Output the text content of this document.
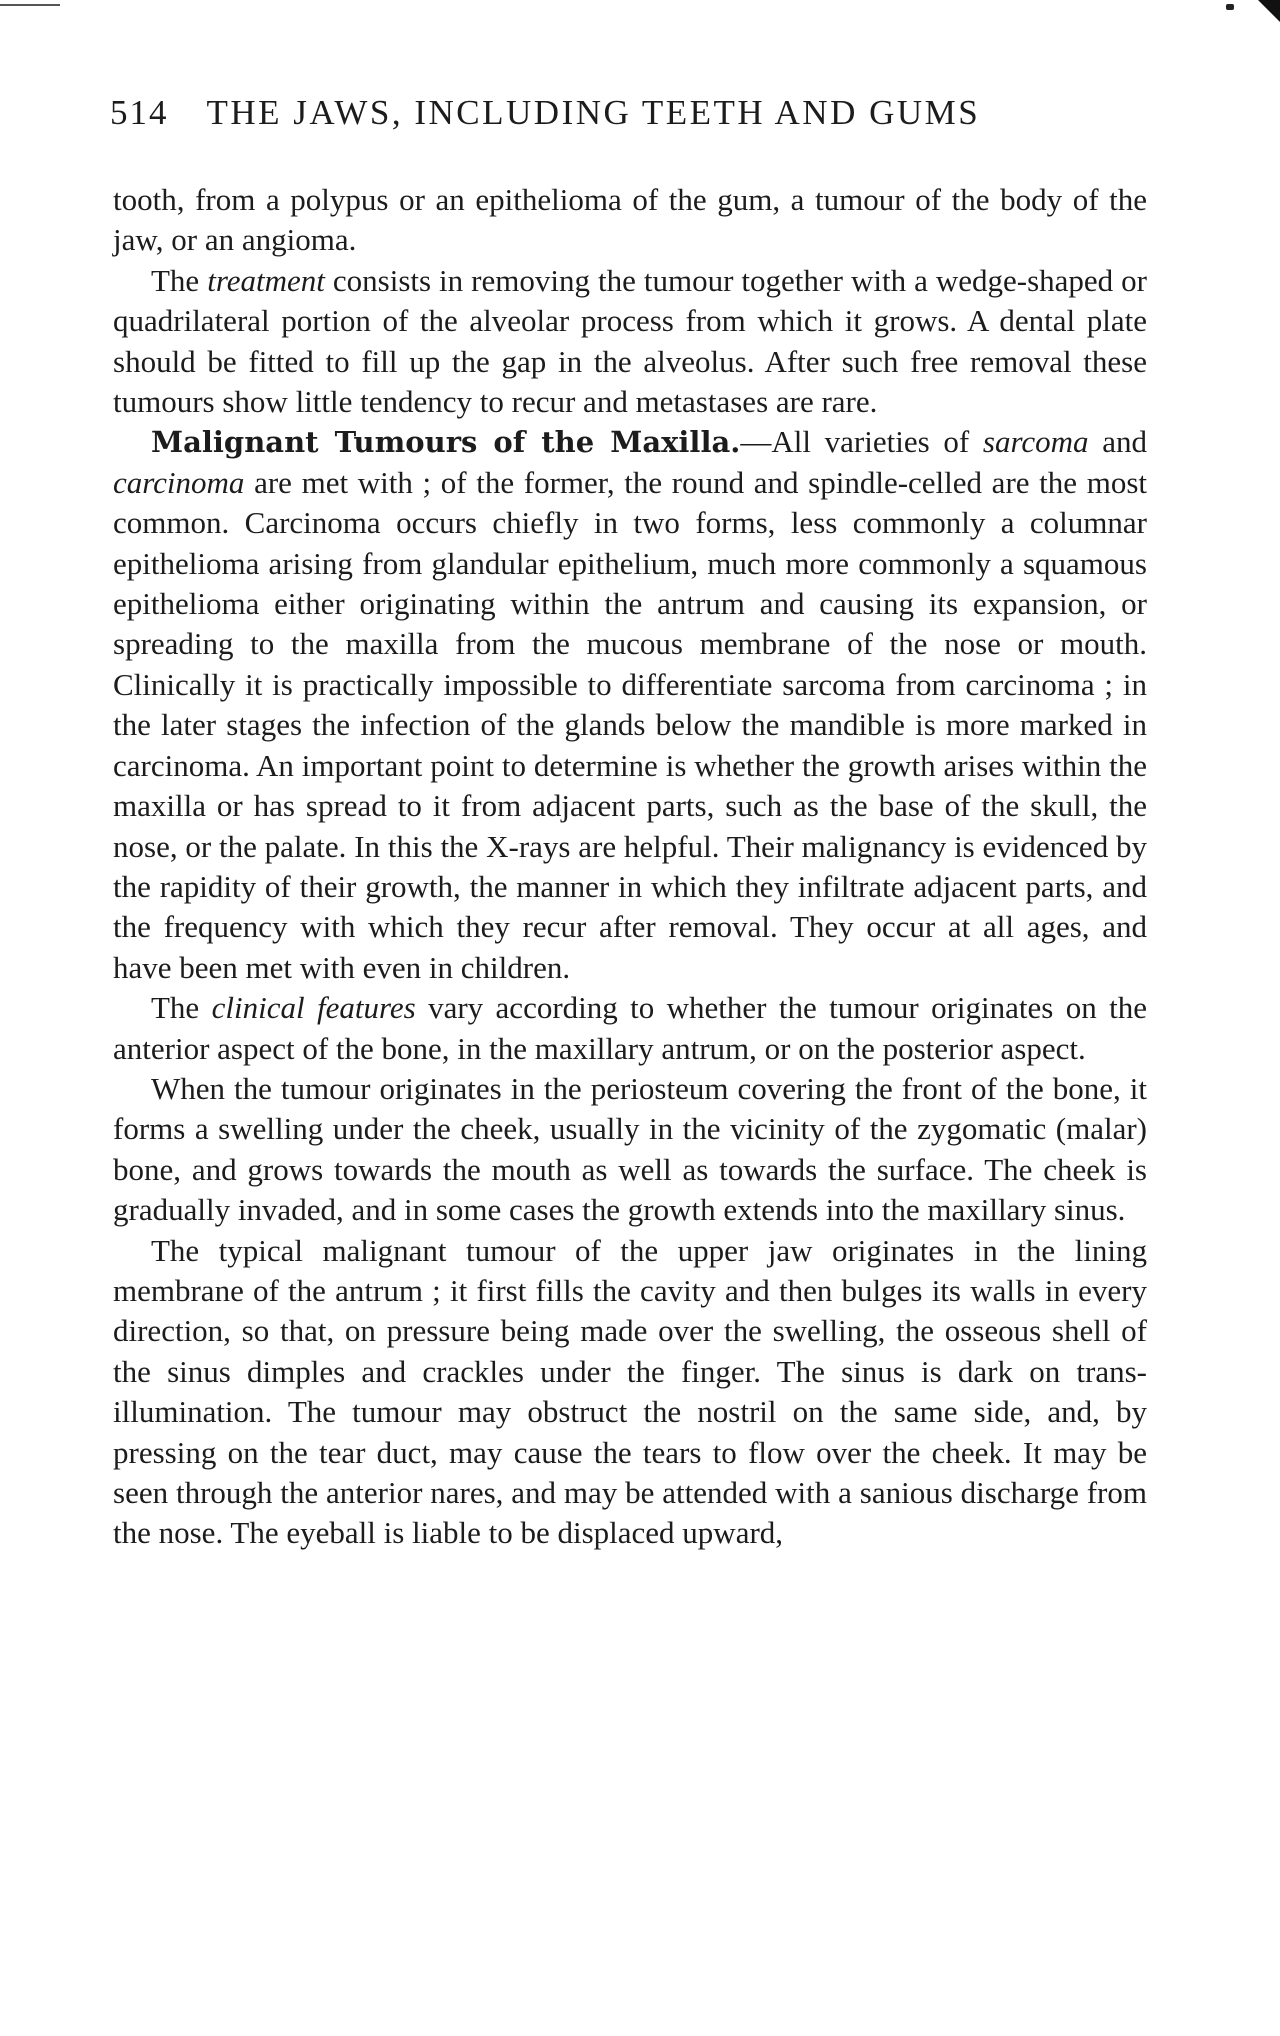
514 THE JAWS, INCLUDING TEETH AND GUMS

tooth, from a polypus or an epithelioma of the gum, a tumour of the body of the jaw, or an angioma.

The treatment consists in removing the tumour together with a wedge-shaped or quadrilateral portion of the alveolar process from which it grows. A dental plate should be fitted to fill up the gap in the alveolus. After such free removal these tumours show little tendency to recur and metastases are rare.

Malignant Tumours of the Maxilla.—All varieties of sarcoma and carcinoma are met with ; of the former, the round and spindle-celled are the most common. Carcinoma occurs chiefly in two forms, less commonly a columnar epithelioma arising from glandular epithelium, much more commonly a squamous epithelioma either originating within the antrum and causing its expansion, or spreading to the maxilla from the mucous membrane of the nose or mouth. Clinically it is practically impossible to differentiate sarcoma from carcinoma ; in the later stages the infection of the glands below the mandible is more marked in carcinoma. An important point to determine is whether the growth arises within the maxilla or has spread to it from adjacent parts, such as the base of the skull, the nose, or the palate. In this the X-rays are helpful. Their malignancy is evidenced by the rapidity of their growth, the manner in which they infiltrate adjacent parts, and the frequency with which they recur after removal. They occur at all ages, and have been met with even in children.

The clinical features vary according to whether the tumour originates on the anterior aspect of the bone, in the maxillary antrum, or on the posterior aspect.

When the tumour originates in the periosteum covering the front of the bone, it forms a swelling under the cheek, usually in the vicinity of the zygomatic (malar) bone, and grows towards the mouth as well as towards the surface. The cheek is gradually invaded, and in some cases the growth extends into the maxillary sinus.

The typical malignant tumour of the upper jaw originates in the lining membrane of the antrum ; it first fills the cavity and then bulges its walls in every direction, so that, on pressure being made over the swelling, the osseous shell of the sinus dimples and crackles under the finger. The sinus is dark on trans-illumination. The tumour may obstruct the nostril on the same side, and, by pressing on the tear duct, may cause the tears to flow over the cheek. It may be seen through the anterior nares, and may be attended with a sanious discharge from the nose. The eyeball is liable to be displaced upward,
